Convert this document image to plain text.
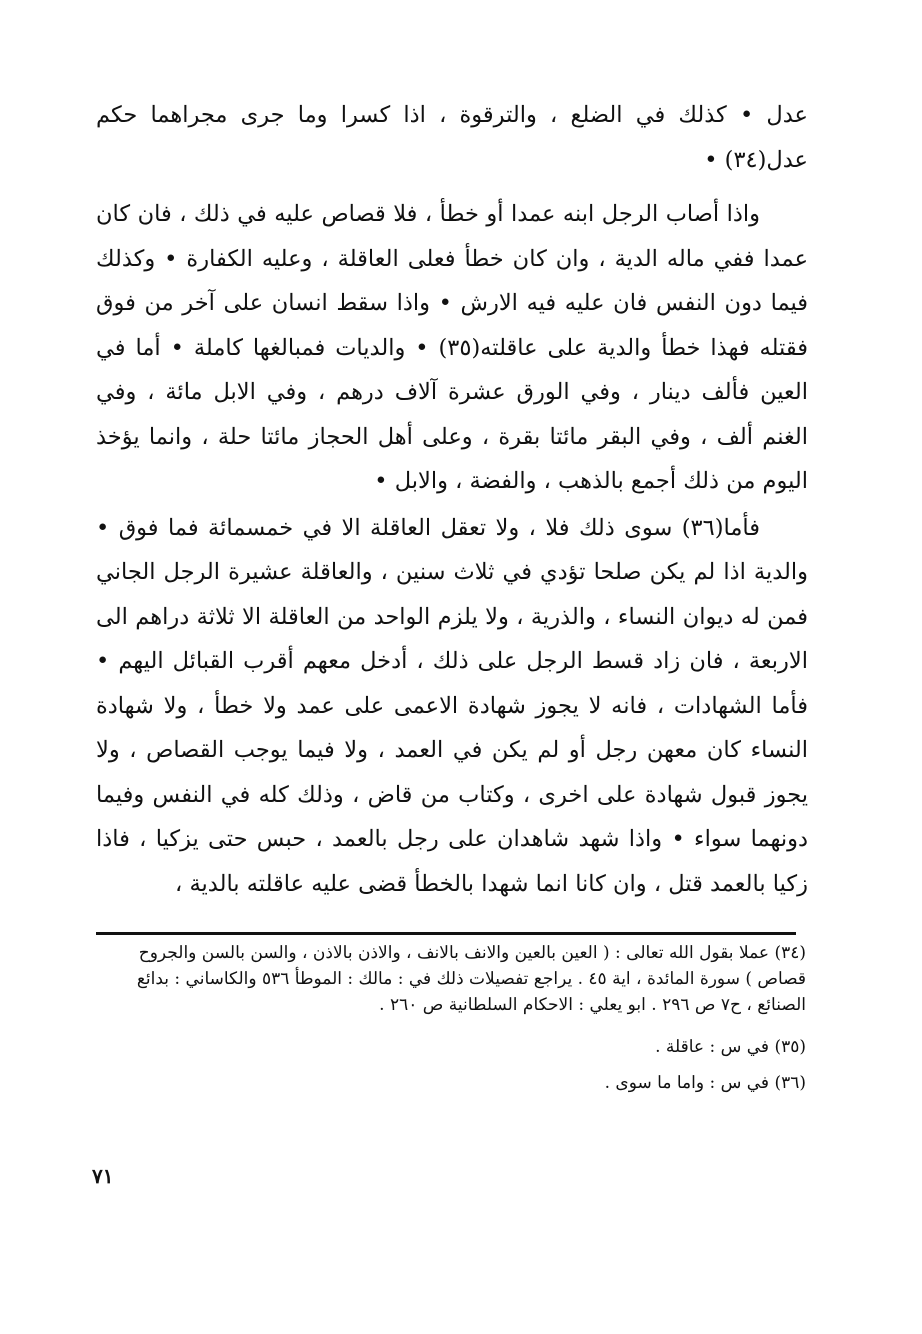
عدل • كذلك في الضلع ، والترقوة ، اذا كسرا وما جرى مجراهما حكم عدل(٣٤) •

واذا أصاب الرجل ابنه عمدا أو خطأ ، فلا قصاص عليه في ذلك ، فان كان عمدا ففي ماله الدية ، وان كان خطأ فعلى العاقلة ، وعليه الكفارة • وكذلك فيما دون النفس فان عليه فيه الارش • واذا سقط انسان على آخر من فوق فقتله فهذا خطأ والدية على عاقلته(٣٥) • والديات فمبالغها كاملة • أما في العين فألف دينار ، وفي الورق عشرة آلاف درهم ، وفي الابل مائة ، وفي الغنم ألف ، وفي البقر مائتا بقرة ، وعلى أهل الحجاز مائتا حلة ، وانما يؤخذ اليوم من ذلك أجمع بالذهب ، والفضة ، والابل •

فأما(٣٦) سوى ذلك فلا ، ولا تعقل العاقلة الا في خمسمائة فما فوق • والدية اذا لم يكن صلحا تؤدي في ثلاث سنين ، والعاقلة عشيرة الرجل الجاني فمن له ديوان النساء ، والذرية ، ولا يلزم الواحد من العاقلة الا ثلاثة دراهم الى الاربعة ، فان زاد قسط الرجل على ذلك ، أدخل معهم أقرب القبائل اليهم • فأما الشهادات ، فانه لا يجوز شهادة الاعمى على عمد ولا خطأ ، ولا شهادة النساء كان معهن رجل أو لم يكن في العمد ، ولا فيما يوجب القصاص ، ولا يجوز قبول شهادة على اخرى ، وكتاب من قاض ، وذلك كله في النفس وفيما دونهما سواء • واذا شهد شاهدان على رجل بالعمد ، حبس حتى يزكيا ، فاذا زكيا بالعمد قتل ، وان كانا انما شهدا بالخطأ قضى عليه عاقلته بالدية ،

(٣٤) عملا بقول الله تعالى : ( العين بالعين والانف بالانف ، والاذن بالاذن ، والسن بالسن والجروح قصاص ) سورة المائدة ، اية ٤٥ . يراجع تفصيلات ذلك في : مالك : الموطأ ٥٣٦ والكاساني : بدائع الصنائع ، ح٧ ص ٢٩٦ . ابو يعلي : الاحكام السلطانية ص ٢٦٠ .

(٣٥) في س : عاقلة .

(٣٦) في س : واما ما سوى .

٧١
